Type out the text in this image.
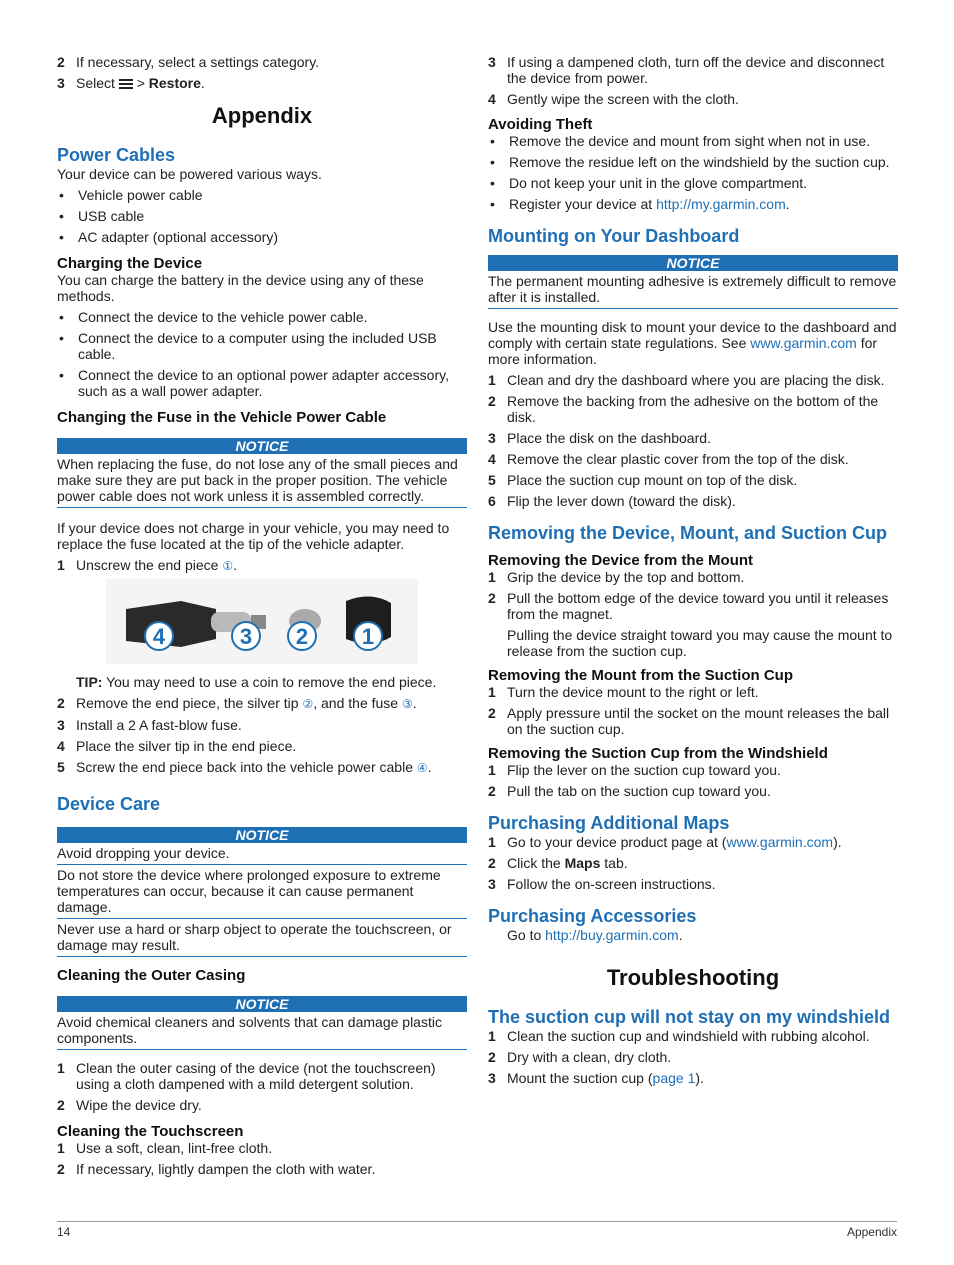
2 If necessary, select a settings category.
3 Select > Restore.
Appendix
Power Cables

Your device can be powered various ways.

•	Vehicle power cable
•	USB cable
•	AC adapter (optional accessory)
Charging the Device

You can charge the battery in the device using any of these methods.

•	Connect the device to the vehicle power cable.
•	Connect the device to a computer using the included USB cable.
•	Connect the device to an optional power adapter accessory, such as a wall power adapter.
Changing the Fuse in the Vehicle Power Cable
NOTICE

When replacing the fuse, do not lose any of the small pieces and make sure they are put back in the proper position. The vehicle power cable does not work unless it is assembled correctly.

If your device does not charge in your vehicle, you may need to replace the fuse located at the tip of the vehicle adapter.

1 Unscrew the end piece ①.
4	3 2 1

TIP: You may need to use a coin to remove the end piece.

2 Remove the end piece, the silver tip ②, and the fuse ③.
3 Install a 2 A fast-blow fuse.
4 Place the silver tip in the end piece.
5 Screw the end piece back into the vehicle power cable ④.
Device Care
NOTICE

Avoid dropping your device.

Do not store the device where prolonged exposure to extreme temperatures can occur, because it can cause permanent damage.

Never use a hard or sharp object to operate the touchscreen, or damage may result.

Cleaning the Outer Casing
NOTICE

Avoid chemical cleaners and solvents that can damage plastic components.

1 Clean the outer casing of the device (not the touchscreen) using a cloth dampened with a mild detergent solution.
2 Wipe the device dry.
Cleaning the Touchscreen
1 Use a soft, clean, lint-free cloth.
2 If necessary, lightly dampen the cloth with water.
3 If using a dampened cloth, turn off the device and disconnect the device from power.
4 Gently wipe the screen with the cloth.
Avoiding Theft
•	Remove the device and mount from sight when not in use.
•	Remove the residue left on the windshield by the suction cup.
•	Do not keep your unit in the glove compartment.
•	Register your device at http://my.garmin.com.
Mounting on Your Dashboard
NOTICE

The permanent mounting adhesive is extremely difficult to remove after it is installed.

Use the mounting disk to mount your device to the dashboard and comply with certain state regulations. See www.garmin.com for more information.

1 Clean and dry the dashboard where you are placing the disk.
2 Remove the backing from the adhesive on the bottom of the disk.
3 Place the disk on the dashboard.
4 Remove the clear plastic cover from the top of the disk.
5 Place the suction cup mount on top of the disk.
6 Flip the lever down (toward the disk).
Removing the Device, Mount, and Suction Cup
Removing the Device from the Mount
1 Grip the device by the top and bottom.
2 Pull the bottom edge of the device toward you until it releases from the magnet.

Pulling the device straight toward you may cause the mount to release from the suction cup.

Removing the Mount from the Suction Cup
1 Turn the device mount to the right or left.
2 Apply pressure until the socket on the mount releases the ball on the suction cup.
Removing the Suction Cup from the Windshield
1 Flip the lever on the suction cup toward you.
2 Pull the tab on the suction cup toward you.
Purchasing Additional Maps
1 Go to your device product page at (www.garmin.com).
2 Click the Maps tab.
3 Follow the on-screen instructions.
Purchasing Accessories

Go to http://buy.garmin.com.

Troubleshooting
The suction cup will not stay on my windshield
1 Clean the suction cup and windshield with rubbing alcohol.
2 Dry with a clean, dry cloth.
3 Mount the suction cup (page 1).
14	Appendix
